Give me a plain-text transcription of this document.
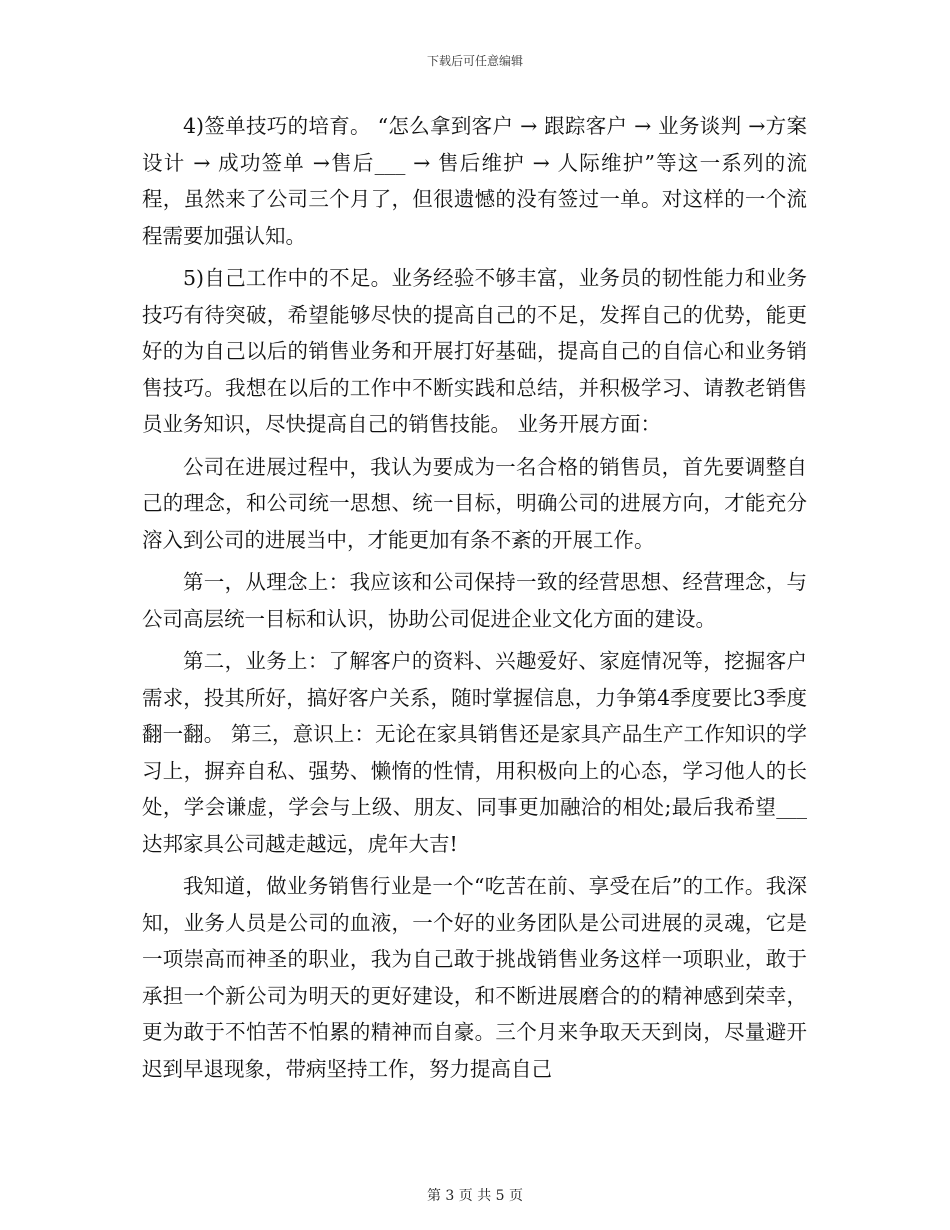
下载后可任意编辑

4)签单技巧的培育。 “怎么拿到客户 → 跟踪客户 → 业务谈判 →方案设计 → 成功签单 →售后___ → 售后维护 → 人际维护”等这一系列的流程，虽然来了公司三个月了，但很遗憾的没有签过一单。对这样的一个流程需要加强认知。

5)自己工作中的不足。业务经验不够丰富，业务员的韧性能力和业务技巧有待突破，希望能够尽快的提高自己的不足，发挥自己的优势，能更好的为自己以后的销售业务和开展打好基础，提高自己的自信心和业务销售技巧。我想在以后的工作中不断实践和总结，并积极学习、请教老销售员业务知识，尽快提高自己的销售技能。 业务开展方面：

公司在进展过程中，我认为要成为一名合格的销售员，首先要调整自己的理念，和公司统一思想、统一目标，明确公司的进展方向，才能充分溶入到公司的进展当中，才能更加有条不紊的开展工作。

第一，从理念上：我应该和公司保持一致的经营思想、经营理念，与公司高层统一目标和认识，协助公司促进企业文化方面的建设。

第二，业务上：了解客户的资料、兴趣爱好、家庭情况等，挖掘客户需求，投其所好，搞好客户关系，随时掌握信息，力争第4季度要比3季度翻一翻。 第三，意识上：无论在家具销售还是家具产品生产工作知识的学习上，摒弃自私、强势、懒惰的性情，用积极向上的心态，学习他人的长处，学会谦虚，学会与上级、朋友、同事更加融洽的相处;最后我希望___达邦家具公司越走越远，虎年大吉!

我知道，做业务销售行业是一个“吃苦在前、享受在后”的工作。我深知，业务人员是公司的血液，一个好的业务团队是公司进展的灵魂，它是一项崇高而神圣的职业，我为自己敢于挑战销售业务这样一项职业，敢于承担一个新公司为明天的更好建设，和不断进展磨合的的精神感到荣幸，更为敢于不怕苦不怕累的精神而自豪。三个月来争取天天到岗，尽量避开迟到早退现象，带病坚持工作，努力提高自己

第 3 页 共 5 页
